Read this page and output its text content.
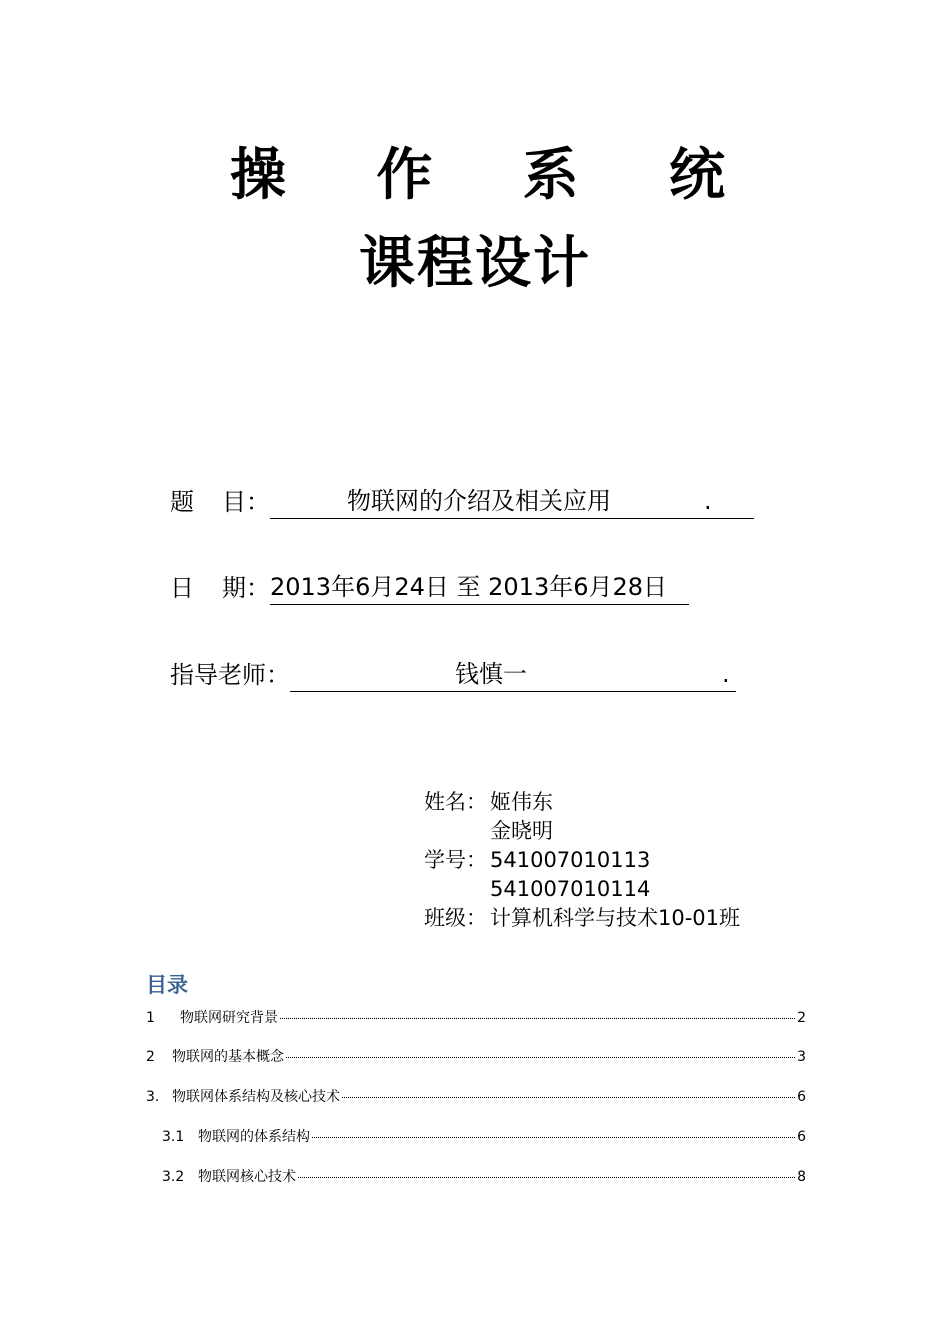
操 作 系 统
课程设计
题 目 ：	物联网的介绍及相关应用	.
日 期 ： 2013年6月24日 至 2013年6月28日
指导老师 ：	钱慎一	.
姓名： 姬伟东
金晓明
学号： 541007010113
541007010114
班级： 计算机科学与技术10-01班
目录
1	物联网研究背景	2
2	物联网的基本概念	3
3. 物联网体系结构及核心技术	6
3.1 物联网的体系结构	6
3.2 物联网核心技术	8
